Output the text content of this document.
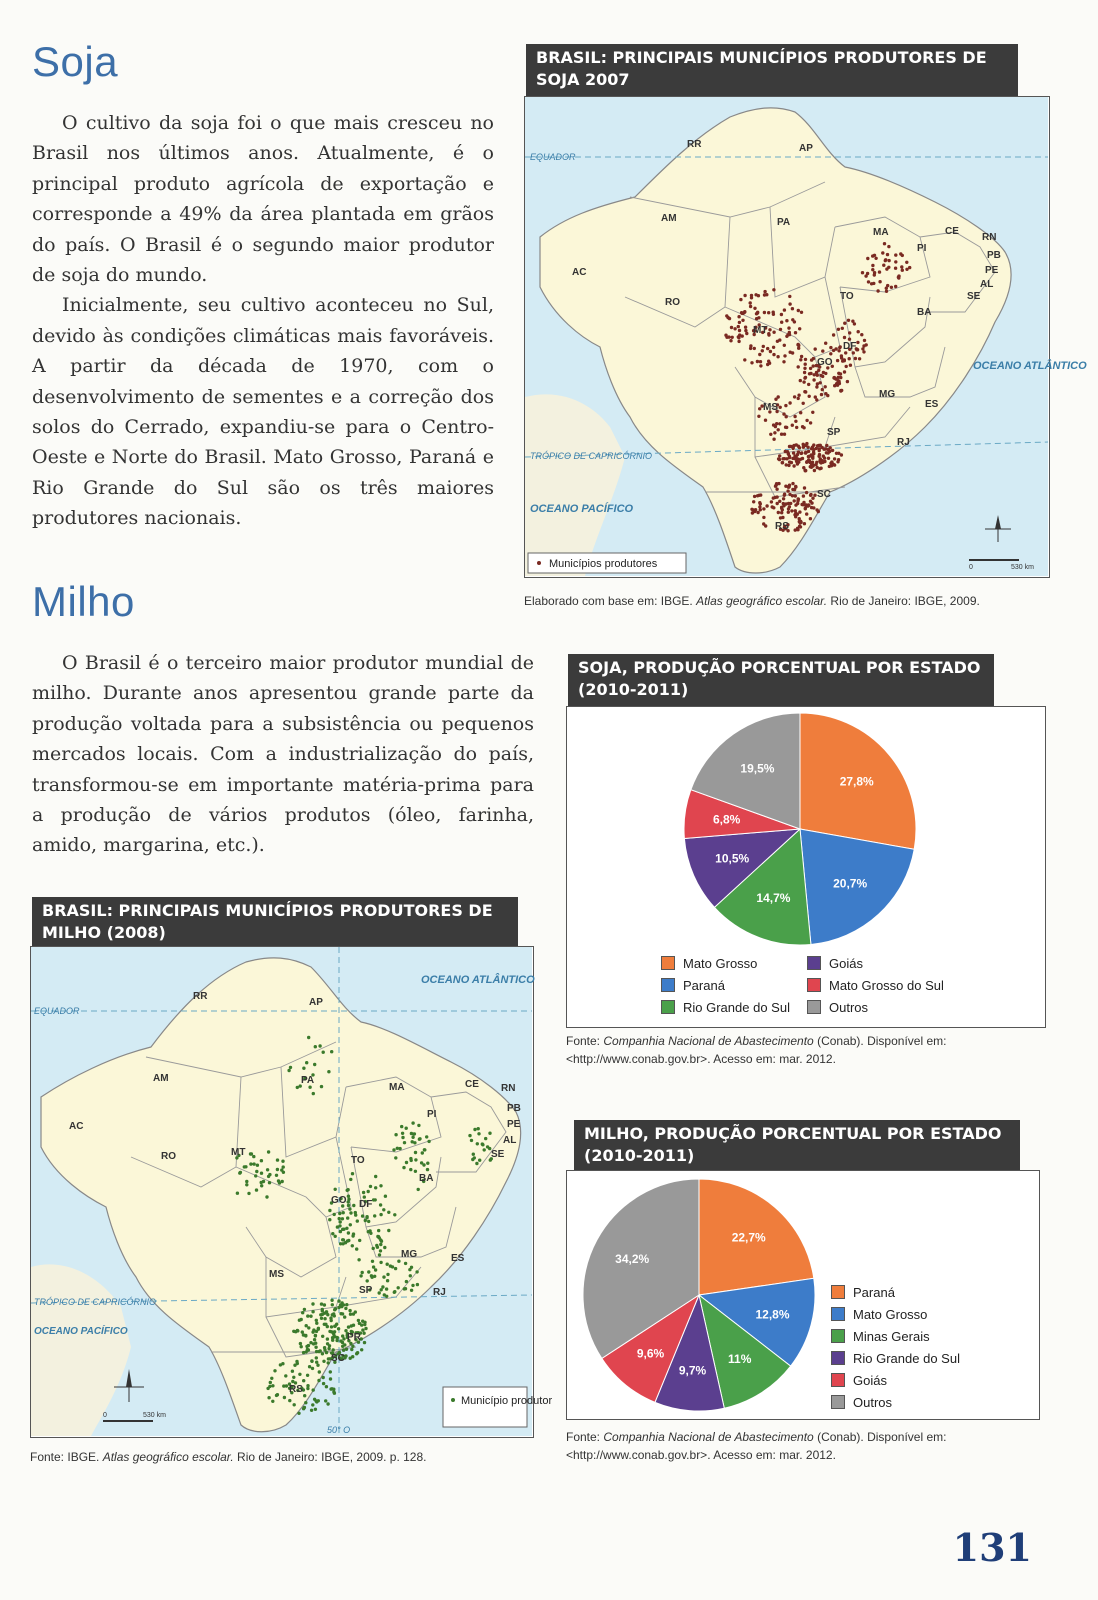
Soja

O cultivo da soja foi o que mais cresceu no Brasil nos últimos anos. Atualmente, é o principal produto agrícola de exportação e corresponde a 49% da área plantada em grãos do país. O Brasil é o segundo maior produtor de soja do mundo.

Inicialmente, seu cultivo aconteceu no Sul, devido às condições climáticas mais favoráveis. A partir da década de 1970, com o desenvolvimento de sementes e a correção dos solos do Cerrado, expandiu-se para o Centro-Oeste e Norte do Brasil. Mato Grosso, Paraná e Rio Grande do Sul são os três maiores produtores nacionais.

Milho

O Brasil é o terceiro maior produtor mundial de milho. Durante anos apresentou grande parte da produção voltada para a subsistência ou pequenos mercados locais. Com a industrialização do país, transformou-se em importante matéria-prima para a produção de vários produtos (óleo, farinha, amido, margarina, etc.).

BRASIL: PRINCIPAIS MUNICÍPIOS PRODUTORES DE SOJA 2007
RR	AP
AM	PA
MA	CE
RN
PB
PI
PE
AL
SE
AC
RO
TO
BA
MT
DF
GO
MG
ES
MS
SP
RJ
SC
RS
EQUADOR
TRÓPICO DE CAPRICÓRNIO
OCEANO ATLÂNTICO
OCEANO PACÍFICO
Municípios produtores	0	530 km
Elaborado com base em: IBGE. Atlas geográfico escolar. Rio de Janeiro: IBGE, 2009.
BRASIL: PRINCIPAIS MUNICÍPIOS PRODUTORES DE MILHO (2008)
RR
AP
AM	PA
MA	CE RN
PB
PI
PE
AL
SE
AC
RO	MT
TO
BA
GO DF
MG	ES
MS
SP	RJ
PR
SC
RS
EQUADOR
TRÓPICO DE CAPRICÓRNIO
OCEANO ATLÂNTICO
OCEANO PACÍFICO
50° O
Município produtor
0	530 km
Fonte: IBGE. Atlas geográfico escolar. Rio de Janeiro: IBGE, 2009. p. 128.
SOJA, PRODUÇÃO PORCENTUAL POR ESTADO (2010-2011)
27,8%
20,7%
14,7%
10,5%
6,8%
19,5%
Mato Grosso
Paraná
Rio Grande do Sul
Goiás
Mato Grosso do Sul
Outros
Fonte: Companhia Nacional de Abastecimento (Conab). Disponível em:
<http://www.conab.gov.br>. Acesso em: mar. 2012.
MILHO, PRODUÇÃO PORCENTUAL POR ESTADO (2010-2011)
22,7%
12,8%
11%
9,7%
9,6%
34,2%
Paraná
Mato Grosso
Minas Gerais
Rio Grande do Sul
Goiás
Outros
Fonte: Companhia Nacional de Abastecimento (Conab). Disponível em:
<http://www.conab.gov.br>. Acesso em: mar. 2012.
131
